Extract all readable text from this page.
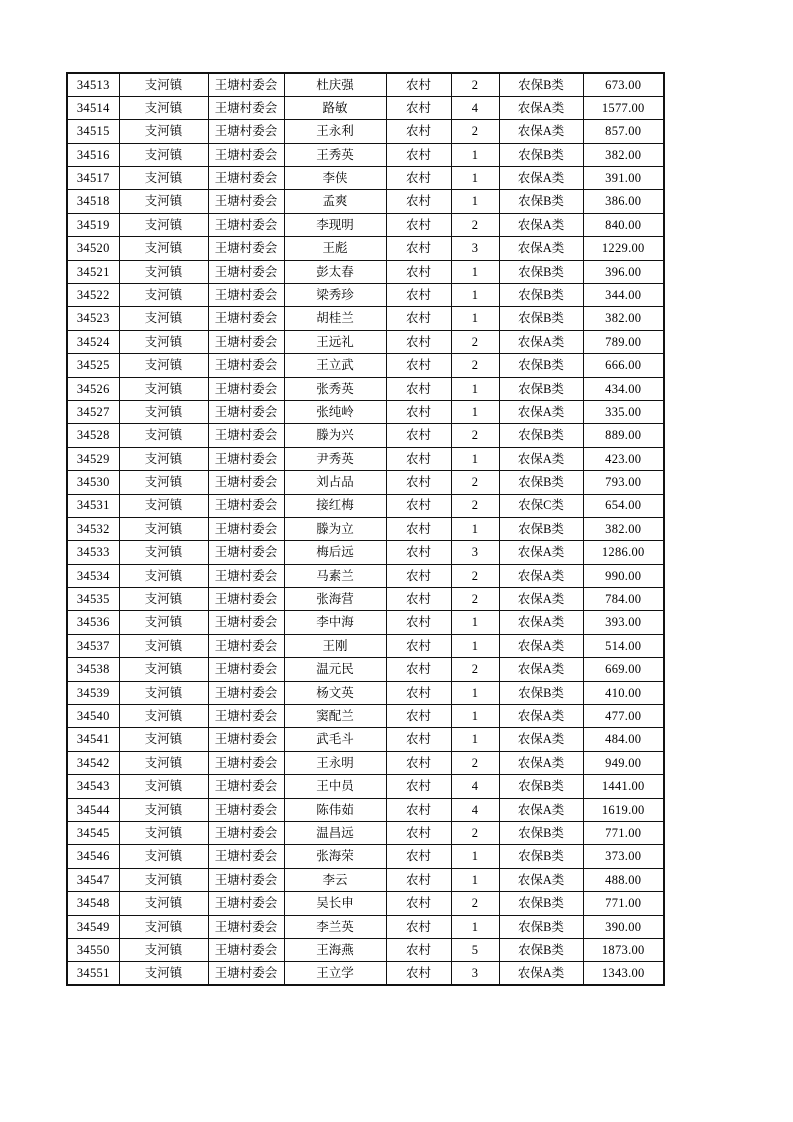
34513	支河镇	王塘村委会	杜庆强	农村	2	农保B类	673.00
34514	支河镇	王塘村委会	路敏	农村	4	农保A类	1577.00
34515	支河镇	王塘村委会	王永利	农村	2	农保A类	857.00
34516	支河镇	王塘村委会	王秀英	农村	1	农保B类	382.00
34517	支河镇	王塘村委会	李侠	农村	1	农保A类	391.00
34518	支河镇	王塘村委会	孟爽	农村	1	农保B类	386.00
34519	支河镇	王塘村委会	李现明	农村	2	农保A类	840.00
34520	支河镇	王塘村委会	王彪	农村	3	农保A类	1229.00
34521	支河镇	王塘村委会	彭太春	农村	1	农保B类	396.00
34522	支河镇	王塘村委会	梁秀珍	农村	1	农保B类	344.00
34523	支河镇	王塘村委会	胡桂兰	农村	1	农保B类	382.00
34524	支河镇	王塘村委会	王远礼	农村	2	农保A类	789.00
34525	支河镇	王塘村委会	王立武	农村	2	农保B类	666.00
34526	支河镇	王塘村委会	张秀英	农村	1	农保B类	434.00
34527	支河镇	王塘村委会	张纯岭	农村	1	农保A类	335.00
34528	支河镇	王塘村委会	滕为兴	农村	2	农保B类	889.00
34529	支河镇	王塘村委会	尹秀英	农村	1	农保A类	423.00
34530	支河镇	王塘村委会	刘占品	农村	2	农保B类	793.00
34531	支河镇	王塘村委会	接红梅	农村	2	农保C类	654.00
34532	支河镇	王塘村委会	滕为立	农村	1	农保B类	382.00
34533	支河镇	王塘村委会	梅后远	农村	3	农保A类	1286.00
34534	支河镇	王塘村委会	马素兰	农村	2	农保A类	990.00
34535	支河镇	王塘村委会	张海营	农村	2	农保A类	784.00
34536	支河镇	王塘村委会	李中海	农村	1	农保A类	393.00
34537	支河镇	王塘村委会	王刚	农村	1	农保A类	514.00
34538	支河镇	王塘村委会	温元民	农村	2	农保A类	669.00
34539	支河镇	王塘村委会	杨文英	农村	1	农保B类	410.00
34540	支河镇	王塘村委会	窦配兰	农村	1	农保A类	477.00
34541	支河镇	王塘村委会	武毛斗	农村	1	农保A类	484.00
34542	支河镇	王塘村委会	王永明	农村	2	农保A类	949.00
34543	支河镇	王塘村委会	王中员	农村	4	农保B类	1441.00
34544	支河镇	王塘村委会	陈伟茹	农村	4	农保A类	1619.00
34545	支河镇	王塘村委会	温昌远	农村	2	农保B类	771.00
34546	支河镇	王塘村委会	张海荣	农村	1	农保B类	373.00
34547	支河镇	王塘村委会	李云	农村	1	农保A类	488.00
34548	支河镇	王塘村委会	吴长申	农村	2	农保B类	771.00
34549	支河镇	王塘村委会	李兰英	农村	1	农保B类	390.00
34550	支河镇	王塘村委会	王海燕	农村	5	农保B类	1873.00
34551	支河镇	王塘村委会	王立学	农村	3	农保A类	1343.00
